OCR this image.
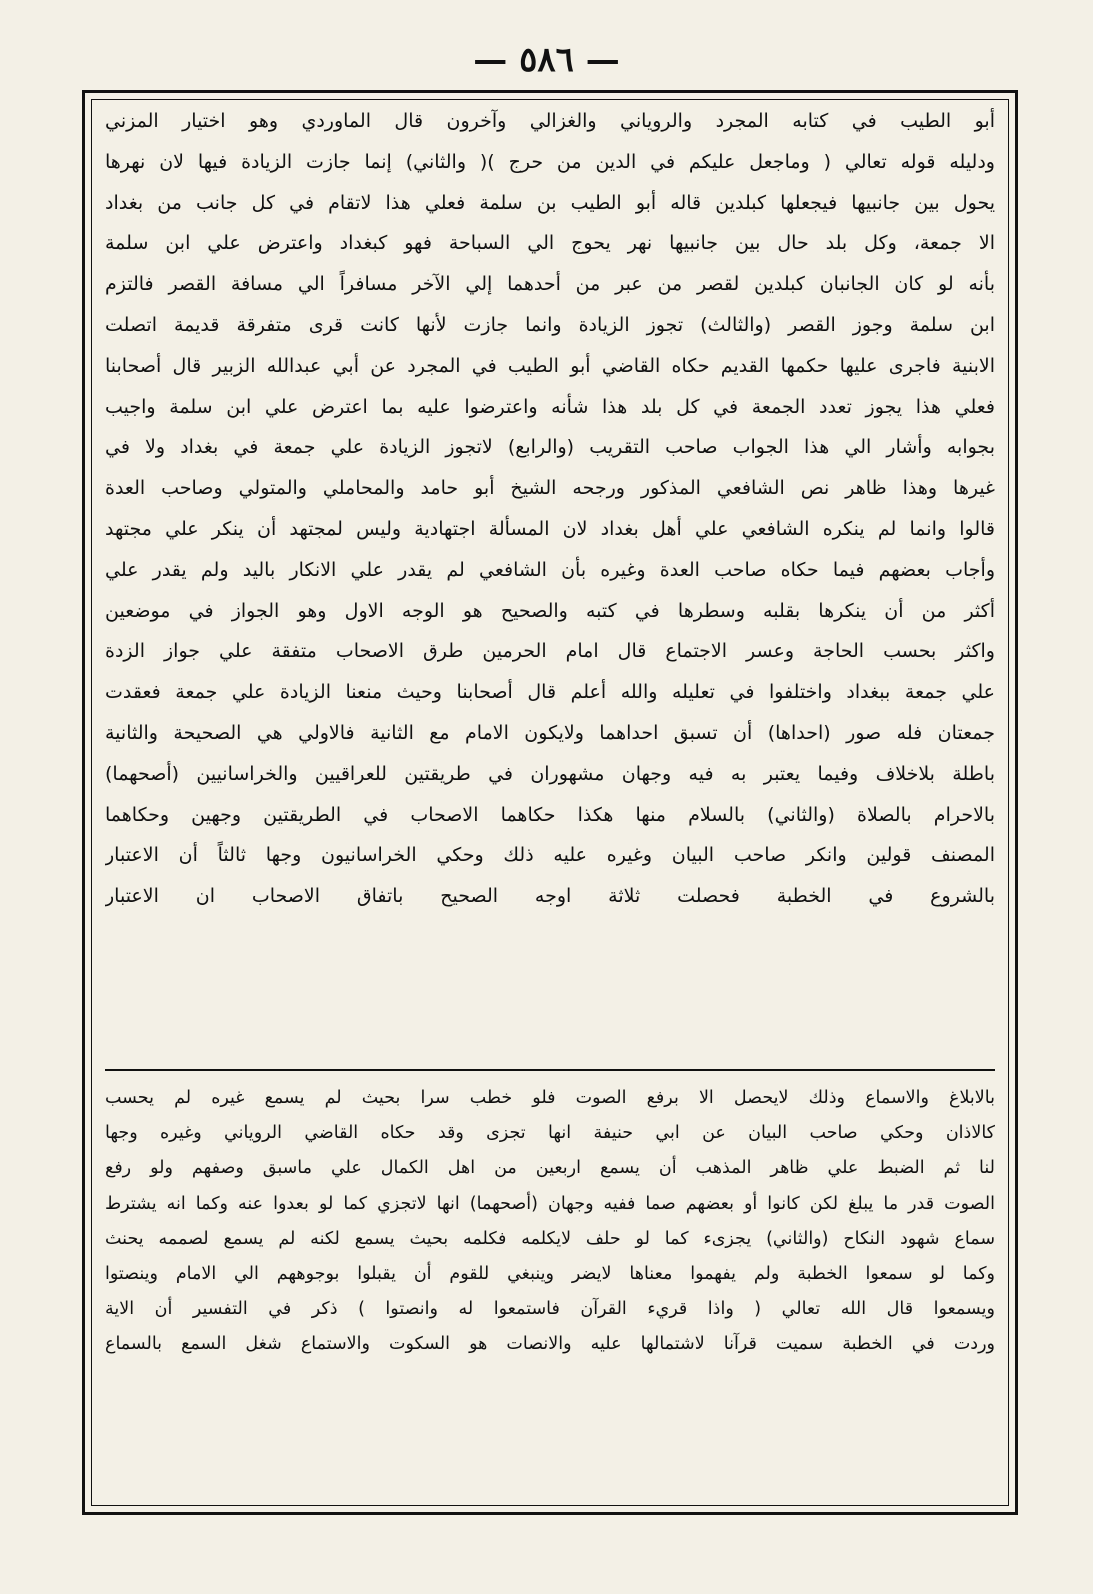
— ٥٨٦ —
أبو الطيب في كتابه المجرد والروياني والغزالي وآخرون قال الماوردي وهو اختيار المزني
ودليله قوله تعالي ( وماجعل عليكم في الدين من حرج )( والثاني) إنما جازت الزيادة فيها لان نهرها
يحول بين جانبيها فيجعلها كبلدين قاله أبو الطيب بن سلمة فعلي هذا لاتقام في كل جانب من بغداد
الا جمعة، وكل بلد حال بين جانبيها نهر يحوج الي السباحة فهو كبغداد واعترض علي ابن سلمة
بأنه لو كان الجانبان كبلدين لقصر من عبر من أحدهما إلي الآخر مسافراً الي مسافة القصر فالتزم
ابن سلمة وجوز القصر (والثالث) تجوز الزيادة وانما جازت لأنها كانت قرى متفرقة قديمة اتصلت
الابنية فاجرى عليها حكمها القديم حكاه القاضي أبو الطيب في المجرد عن أبي عبدالله الزبير قال أصحابنا
فعلي هذا يجوز تعدد الجمعة في كل بلد هذا شأنه واعترضوا عليه بما اعترض علي ابن سلمة واجيب
بجوابه وأشار الي هذا الجواب صاحب التقريب (والرابع) لاتجوز الزيادة علي جمعة في بغداد ولا في
غيرها وهذا ظاهر نص الشافعي المذكور ورجحه الشيخ أبو حامد والمحاملي والمتولي وصاحب العدة
قالوا وانما لم ينكره الشافعي علي أهل بغداد لان المسألة اجتهادية وليس لمجتهد أن ينكر علي مجتهد
وأجاب بعضهم فيما حكاه صاحب العدة وغيره بأن الشافعي لم يقدر علي الانكار باليد ولم يقدر علي
أكثر من أن ينكرها بقلبه وسطرها في كتبه والصحيح هو الوجه الاول وهو الجواز في موضعين
واكثر بحسب الحاجة وعسر الاجتماع قال امام الحرمين طرق الاصحاب متفقة علي جواز الزدة
علي جمعة ببغداد واختلفوا في تعليله والله أعلم قال أصحابنا وحيث منعنا الزيادة علي جمعة فعقدت
جمعتان فله صور (احداها) أن تسبق احداهما ولايكون الامام مع الثانية فالاولي هي الصحيحة والثانية
باطلة بلاخلاف وفيما يعتبر به فيه وجهان مشهوران في طريقتين للعراقيين والخراسانيين (أصحهما)
بالاحرام بالصلاة (والثاني) بالسلام منها هكذا حكاهما الاصحاب في الطريقتين وجهين وحكاهما
المصنف قولين وانكر صاحب البيان وغيره عليه ذلك وحكي الخراسانيون وجها ثالثاً أن الاعتبار
بالشروع في الخطبة فحصلت ثلاثة اوجه الصحيح باتفاق الاصحاب ان الاعتبار
بالابلاغ والاسماع وذلك لايحصل الا برفع الصوت فلو خطب سرا بحيث لم يسمع غيره لم يحسب
كالاذان وحكي صاحب البيان عن ابي حنيفة انها تجزى وقد حكاه القاضي الروياني وغيره وجها
لنا ثم الضبط علي ظاهر المذهب أن يسمع اربعين من اهل الكمال علي ماسبق وصفهم ولو رفع
الصوت قدر ما يبلغ لكن كانوا أو بعضهم صما ففيه وجهان (أصحهما) انها لاتجزي كما لو بعدوا عنه وكما انه يشترط
سماع شهود النكاح (والثاني) يجزىء كما لو حلف لايكلمه فكلمه بحيث يسمع لكنه لم يسمع لصممه يحنث
وكما لو سمعوا الخطبة ولم يفهموا معناها لايضر وينبغي للقوم أن يقبلوا بوجوههم الي الامام وينصتوا
ويسمعوا قال الله تعالي ( واذا قريء القرآن فاستمعوا له وانصتوا ) ذكر في التفسير أن الاية
وردت في الخطبة سميت قرآنا لاشتمالها عليه والانصات هو السكوت والاستماع شغل السمع بالسماع
